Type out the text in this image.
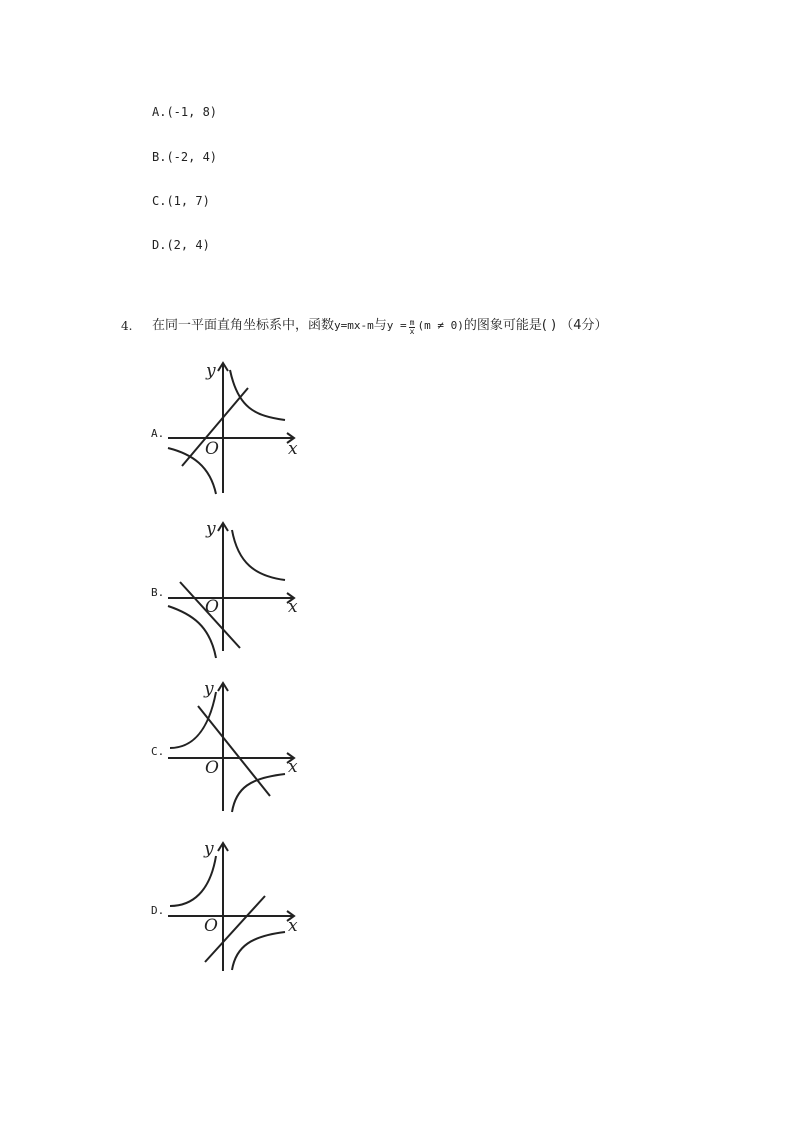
A.(-1, 8)
B.(-2, 4)
C.(1, 7)
D.(2, 4)
4. 在同一平面直角坐标系中，函数 y=mx-m 与 $y = \frac{m}{x} (m \ne 0)$ 的图象可能是( ) （4分）
A.
y
x
O
B.
y
x
O
C.
y
x
O
D.
y
x
O
